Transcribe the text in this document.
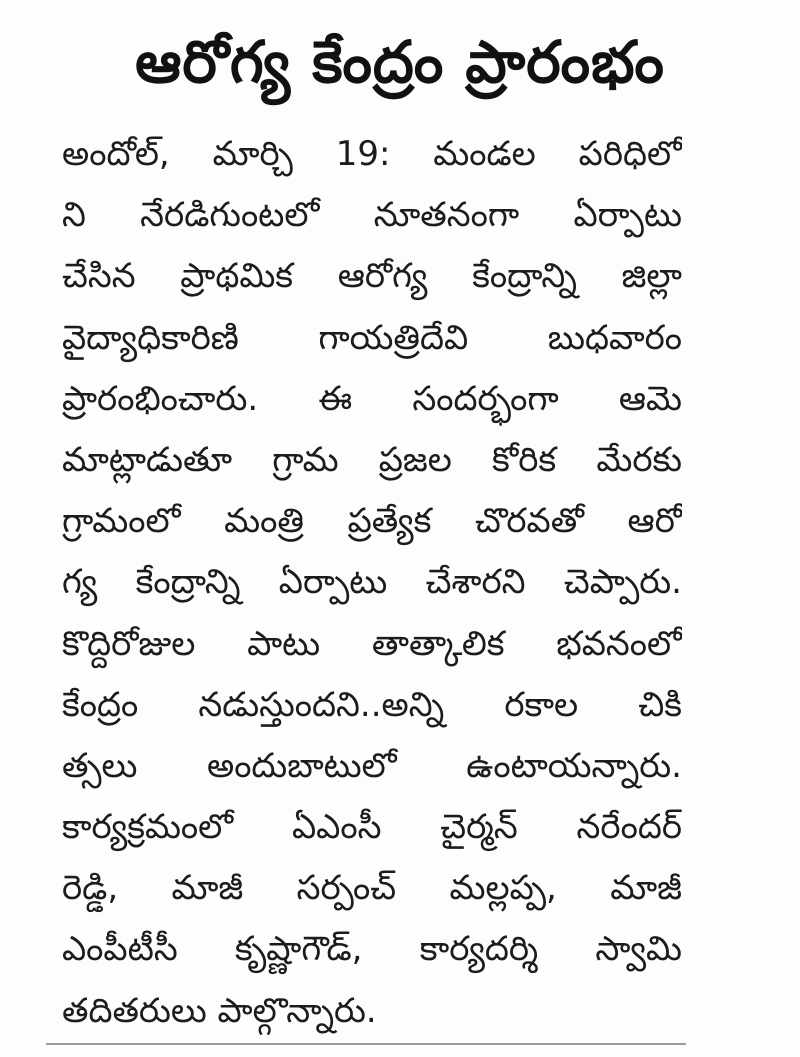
ఆరోగ్య కేంద్రం ప్రారంభం
అందోల్, మార్చి 19: మండల పరిధిలో
ని నేరడిగుంటలో నూతనంగా ఏర్పాటు
చేసిన ప్రాథమిక ఆరోగ్య కేంద్రాన్ని జిల్లా
వైద్యాధికారిణి గాయత్రిదేవి బుధవారం
ప్రారంభించారు. ఈ సందర్భంగా ఆమె
మాట్లాడుతూ గ్రామ ప్రజల కోరిక మేరకు
గ్రామంలో మంత్రి ప్రత్యేక చొరవతో ఆరో
గ్య కేంద్రాన్ని ఏర్పాటు చేశారని చెప్పారు.
కొద్దిరోజుల పాటు తాత్కాలిక భవనంలో
కేంద్రం నడుస్తుందని..అన్ని రకాల చికి
త్సలు అందుబాటులో ఉంటాయన్నారు.
కార్యక్రమంలో ఏఎంసీ చైర్మన్ నరేందర్
రెడ్డి, మాజీ సర్పంచ్ మల్లప్ప, మాజీ
ఎంపీటీసీ కృష్ణాగౌడ్, కార్యదర్శి స్వామి
తదితరులు పాల్గొన్నారు.
